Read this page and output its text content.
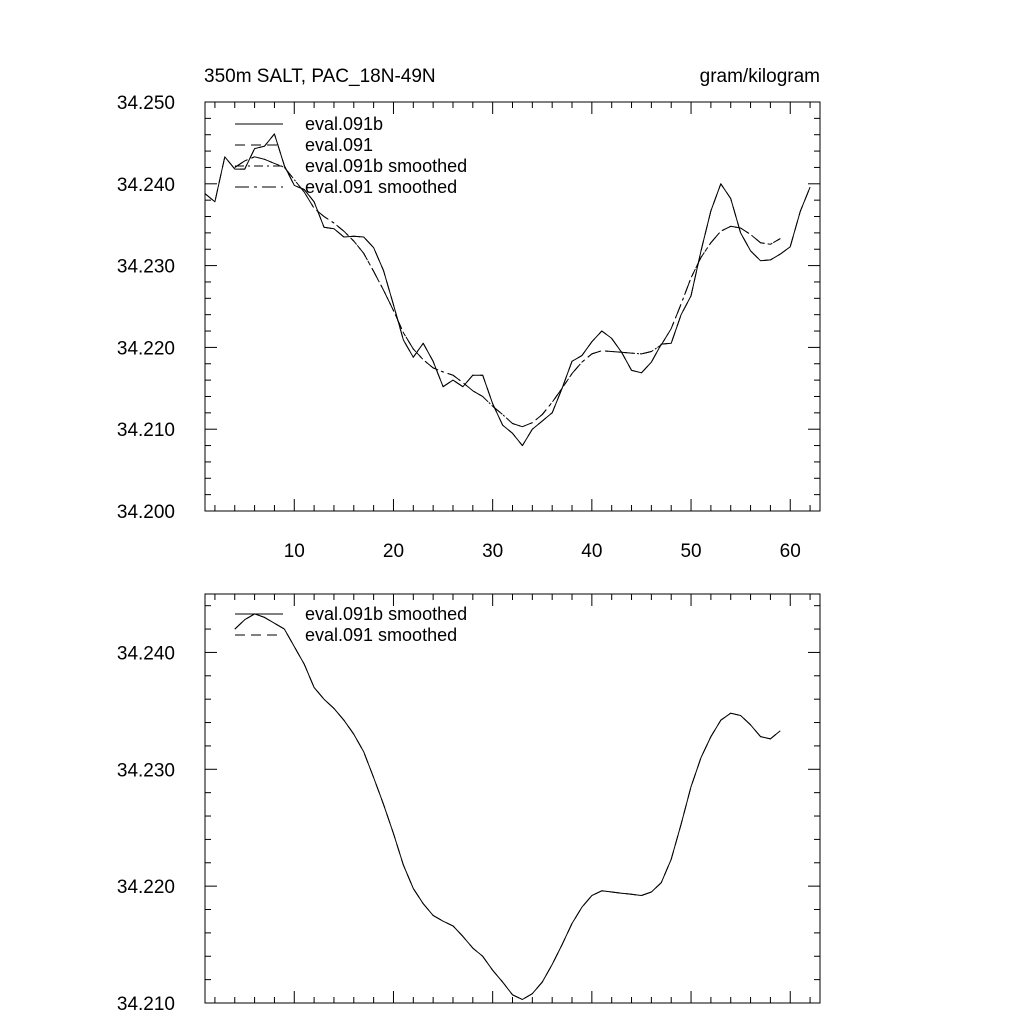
350m SALT, PAC_18N-49N	gram/kilogram
34.200
34.210
34.220
34.230
34.240
34.250
10	20	30	40	50	60
eval.091b
eval.091
eval.091b smoothed
eval.091 smoothed
34.210
34.220
34.230
34.240
eval.091b smoothed
eval.091 smoothed
